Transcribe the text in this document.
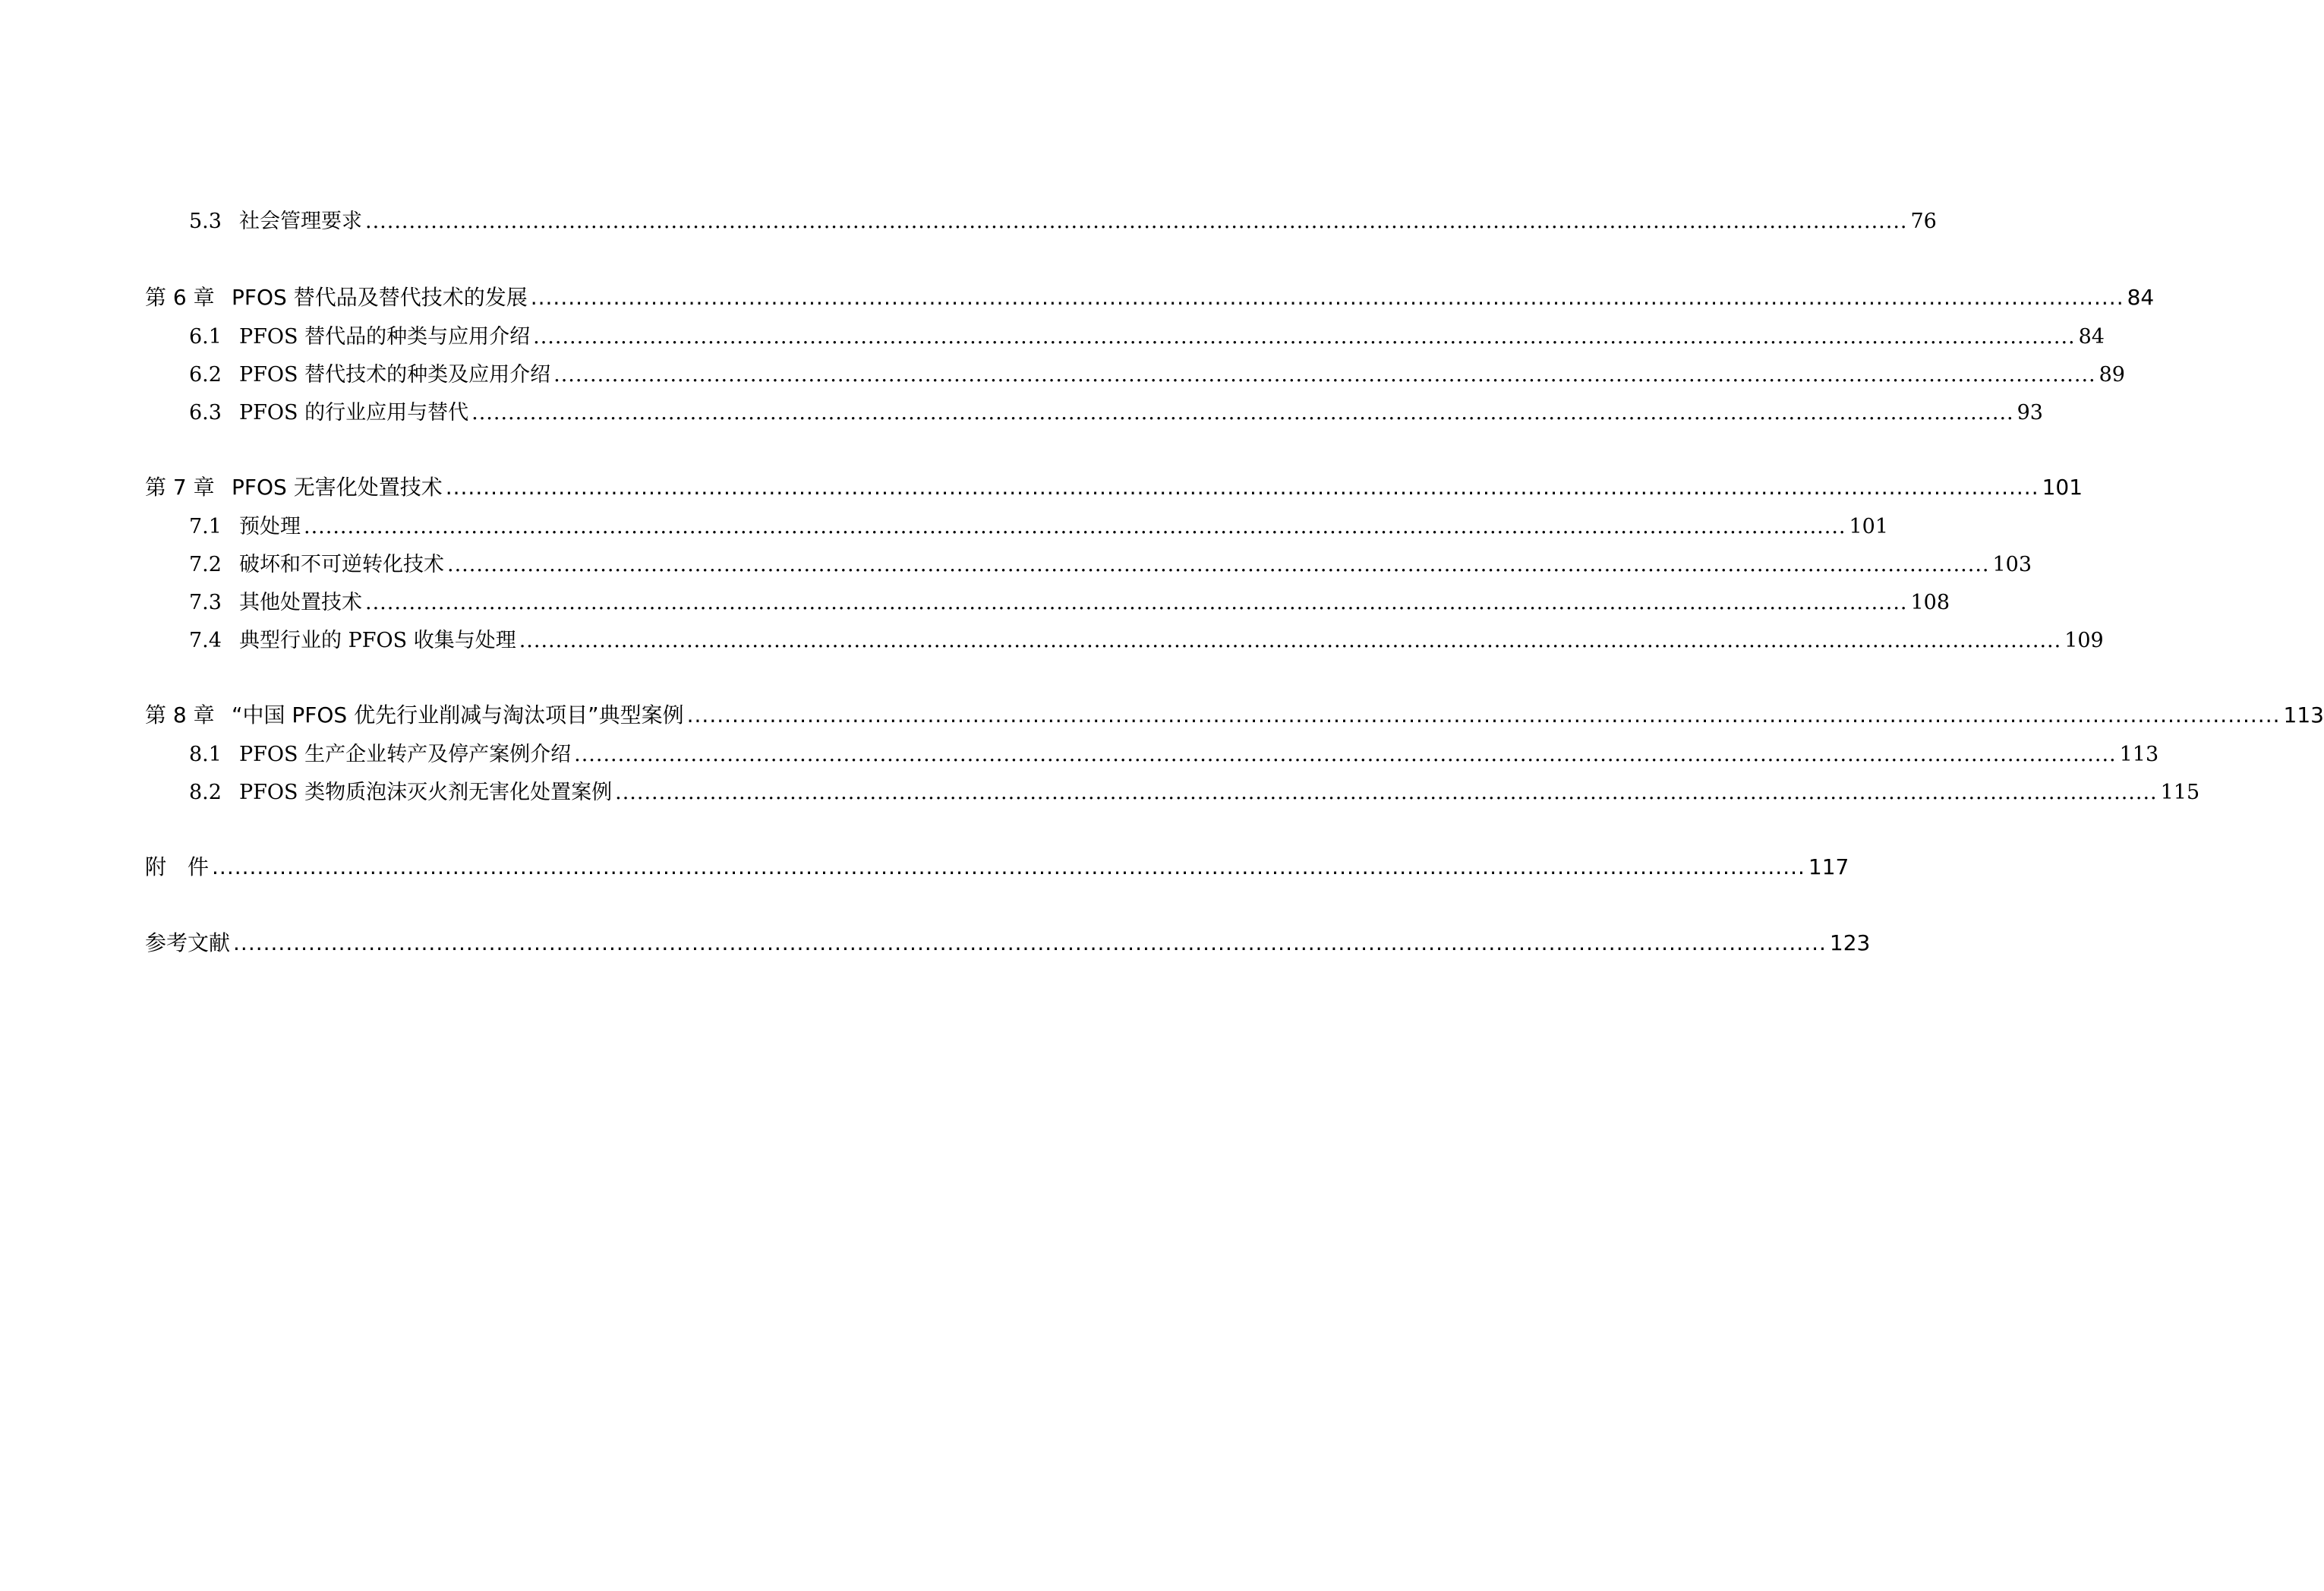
5.3 社会管理要求 .................................................................................................................................................................................................................... 76
第 6 章 PFOS 替代品及替代技术的发展 .................................................................................................................................................................................................................... 84
6.1 PFOS 替代品的种类与应用介绍 .................................................................................................................................................................................................................... 84
6.2 PFOS 替代技术的种类及应用介绍 .................................................................................................................................................................................................................... 89
6.3 PFOS 的行业应用与替代 .................................................................................................................................................................................................................... 93
第 7 章 PFOS 无害化处置技术 .................................................................................................................................................................................................................... 101
7.1 预处理 .................................................................................................................................................................................................................... 101
7.2 破坏和不可逆转化技术 .................................................................................................................................................................................................................... 103
7.3 其他处置技术 .................................................................................................................................................................................................................... 108
7.4 典型行业的 PFOS 收集与处理 .................................................................................................................................................................................................................... 109
第 8 章 “中国 PFOS 优先行业削减与淘汰项目”典型案例 .................................................................................................................................................................................................................... 113
8.1 PFOS 生产企业转产及停产案例介绍 .................................................................................................................................................................................................................... 113
8.2 PFOS 类物质泡沫灭火剂无害化处置案例 .................................................................................................................................................................................................................... 115
附　件 .................................................................................................................................................................................................................... 117
参考文献 .................................................................................................................................................................................................................... 123
